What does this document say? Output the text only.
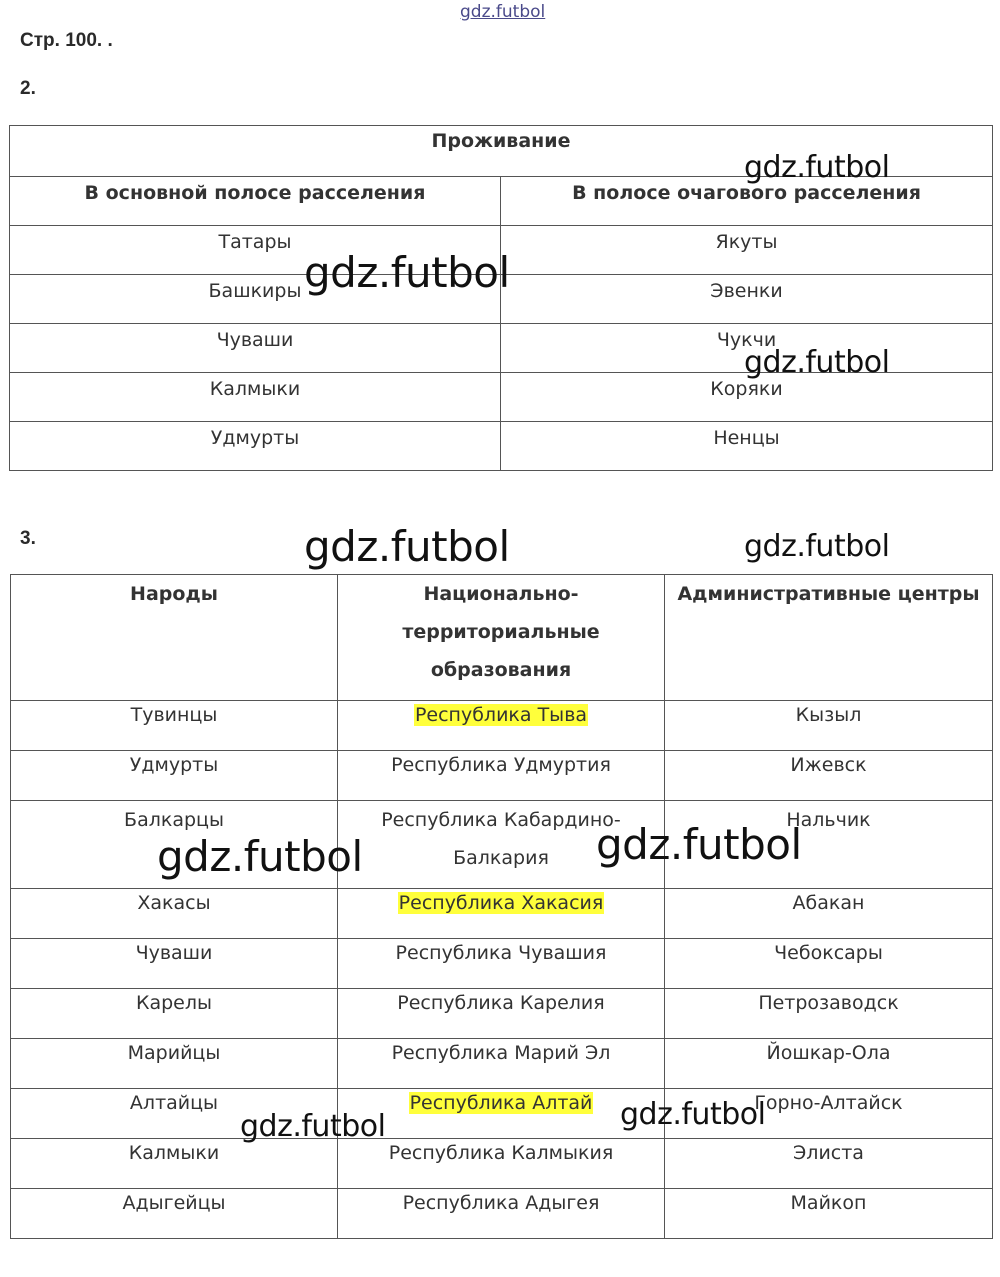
gdz.futbol
Стр. 100. .
2.
Проживание	
В основной полосе расселения	В полосе очагового расселения
Татары	Якуты
Башкиры	Эвенки
Чуваши	Чукчи
Калмыки	Коряки
Удмурты	Ненцы
3.
Народы	Национально-территориальные образования	Административные центры
Тувинцы	Республика Тыва	Кызыл
Удмурты	Республика Удмуртия	Ижевск
Балкарцы	Республика Кабардино-Балкария	Нальчик
Хакасы	Республика Хакасия	Абакан
Чуваши	Республика Чувашия	Чебоксары
Карелы	Республика Карелия	Петрозаводск
Марийцы	Республика Марий Эл	Йошкар-Ола
Алтайцы	Республика Алтай	Горно-Алтайск
Калмыки	Республика Калмыкия	Элиста
Адыгейцы	Республика Адыгея	Майкоп
gdz.futbol
gdz.futbol
gdz.futbol
gdz.futbol	gdz.futbol
gdz.futbol	gdz.futbol
gdz.futbol	gdz.futbol
